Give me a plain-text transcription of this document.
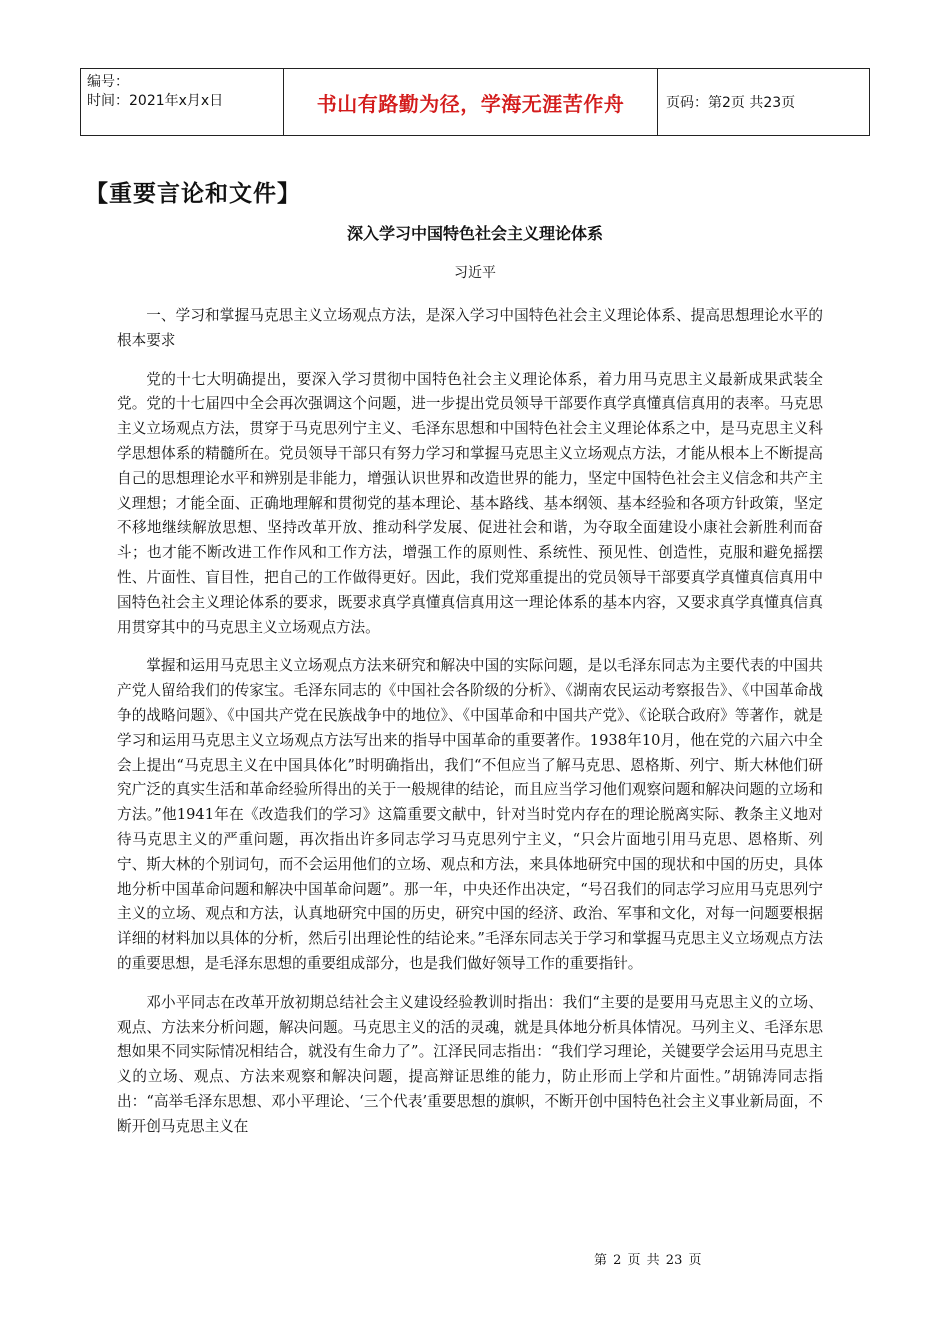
编号：
时间：2021年x月x日	书山有路勤为径，学海无涯苦作舟	页码：第2页 共23页
【重要言论和文件】
深入学习中国特色社会主义理论体系
习近平

一、学习和掌握马克思主义立场观点方法，是深入学习中国特色社会主义理论体系、提高思想理论水平的根本要求

党的十七大明确提出，要深入学习贯彻中国特色社会主义理论体系，着力用马克思主义最新成果武装全党。党的十七届四中全会再次强调这个问题，进一步提出党员领导干部要作真学真懂真信真用的表率。马克思主义立场观点方法，贯穿于马克思列宁主义、毛泽东思想和中国特色社会主义理论体系之中，是马克思主义科学思想体系的精髓所在。党员领导干部只有努力学习和掌握马克思主义立场观点方法，才能从根本上不断提高自己的思想理论水平和辨别是非能力，增强认识世界和改造世界的能力，坚定中国特色社会主义信念和共产主义理想；才能全面、正确地理解和贯彻党的基本理论、基本路线、基本纲领、基本经验和各项方针政策，坚定不移地继续解放思想、坚持改革开放、推动科学发展、促进社会和谐，为夺取全面建设小康社会新胜利而奋斗；也才能不断改进工作作风和工作方法，增强工作的原则性、系统性、预见性、创造性，克服和避免摇摆性、片面性、盲目性，把自己的工作做得更好。因此，我们党郑重提出的党员领导干部要真学真懂真信真用中国特色社会主义理论体系的要求，既要求真学真懂真信真用这一理论体系的基本内容，又要求真学真懂真信真用贯穿其中的马克思主义立场观点方法。

掌握和运用马克思主义立场观点方法来研究和解决中国的实际问题，是以毛泽东同志为主要代表的中国共产党人留给我们的传家宝。毛泽东同志的《中国社会各阶级的分析》、《湖南农民运动考察报告》、《中国革命战争的战略问题》、《中国共产党在民族战争中的地位》、《中国革命和中国共产党》、《论联合政府》等著作，就是学习和运用马克思主义立场观点方法写出来的指导中国革命的重要著作。1938年10月，他在党的六届六中全会上提出“马克思主义在中国具体化”时明确指出，我们“不但应当了解马克思、恩格斯、列宁、斯大林他们研究广泛的真实生活和革命经验所得出的关于一般规律的结论，而且应当学习他们观察问题和解决问题的立场和方法。”他1941年在《改造我们的学习》这篇重要文献中，针对当时党内存在的理论脱离实际、教条主义地对待马克思主义的严重问题，再次指出许多同志学习马克思列宁主义，“只会片面地引用马克思、恩格斯、列宁、斯大林的个别词句，而不会运用他们的立场、观点和方法，来具体地研究中国的现状和中国的历史，具体地分析中国革命问题和解决中国革命问题”。那一年，中央还作出决定，“号召我们的同志学习应用马克思列宁主义的立场、观点和方法，认真地研究中国的历史，研究中国的经济、政治、军事和文化，对每一问题要根据详细的材料加以具体的分析，然后引出理论性的结论来。”毛泽东同志关于学习和掌握马克思主义立场观点方法的重要思想，是毛泽东思想的重要组成部分，也是我们做好领导工作的重要指针。

邓小平同志在改革开放初期总结社会主义建设经验教训时指出：我们“主要的是要用马克思主义的立场、观点、方法来分析问题，解决问题。马克思主义的活的灵魂，就是具体地分析具体情况。马列主义、毛泽东思想如果不同实际情况相结合，就没有生命力了”。江泽民同志指出：“我们学习理论，关键要学会运用马克思主义的立场、观点、方法来观察和解决问题，提高辩证思维的能力，防止形而上学和片面性。”胡锦涛同志指出：“高举毛泽东思想、邓小平理论、‘三个代表’重要思想的旗帜，不断开创中国特色社会主义事业新局面，不断开创马克思主义在

第 2 页 共 23 页
